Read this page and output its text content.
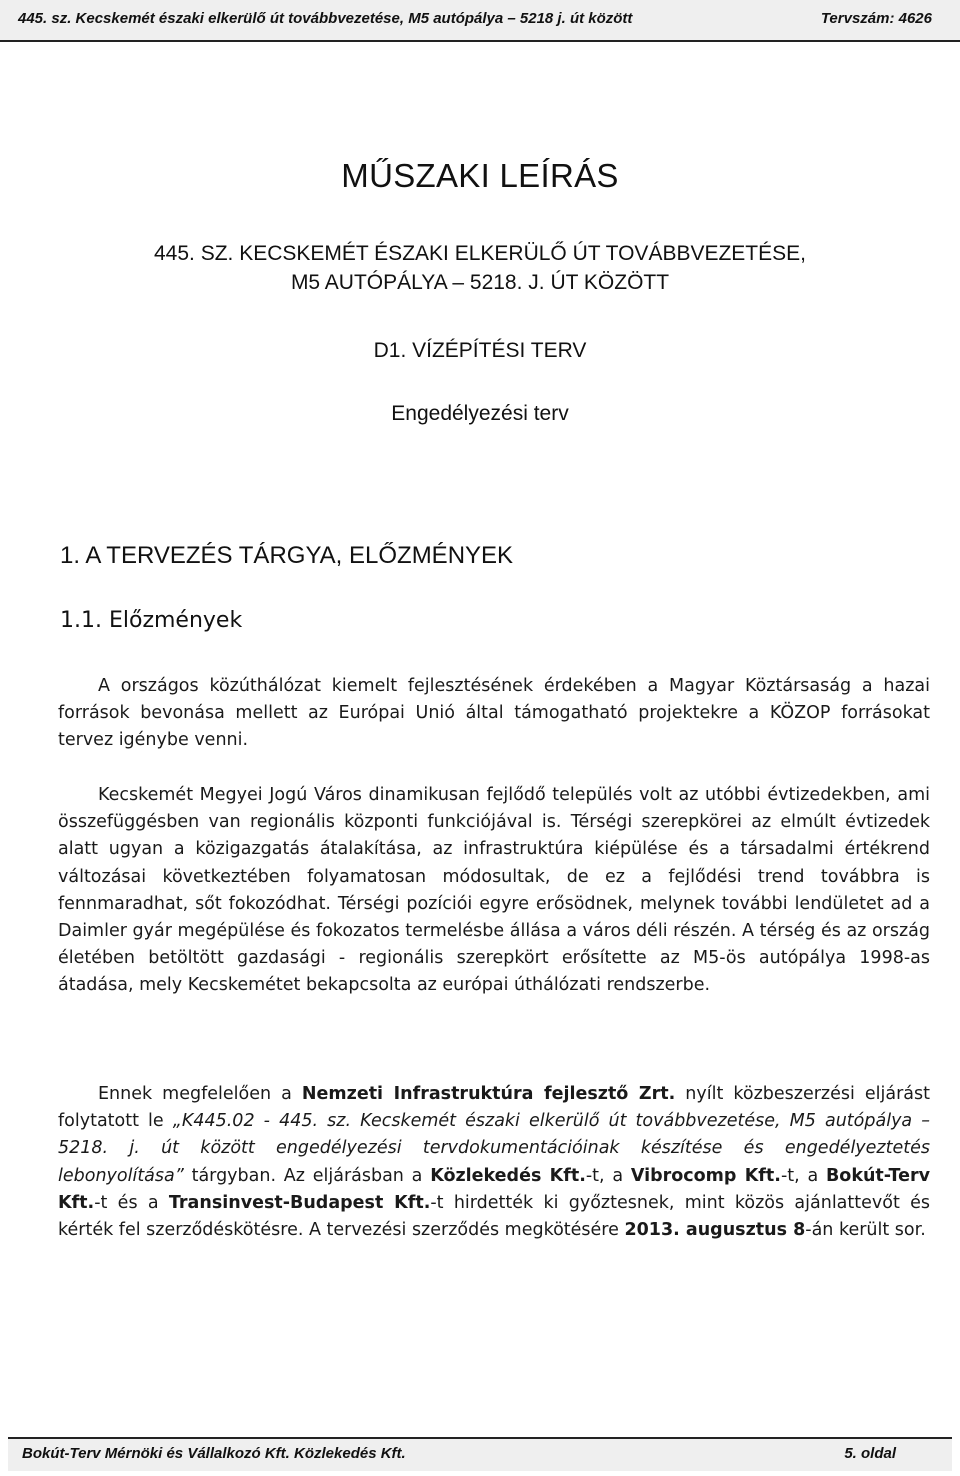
445. sz. Kecskemét északi elkerülő út továbbvezetése, M5 autópálya – 5218 j. út között	Tervszám: 4626
MŰSZAKI LEÍRÁS

445. SZ. KECSKEMÉT ÉSZAKI ELKERÜLŐ ÚT TOVÁBBVEZETÉSE,

M5 AUTÓPÁLYA – 5218. J. ÚT KÖZÖTT

D1. VÍZÉPÍTÉSI TERV

Engedélyezési terv

1. A TERVEZÉS TÁRGYA, ELŐZMÉNYEK
1.1. Előzmények

A országos közúthálózat kiemelt fejlesztésének érdekében a Magyar Köztársaság a hazai források bevonása mellett az Európai Unió által támogatható projektekre a KÖZOP forrásokat tervez igénybe venni.

Kecskemét Megyei Jogú Város dinamikusan fejlődő település volt az utóbbi évtizedekben, ami összefüggésben van regionális központi funkciójával is. Térségi szerepkörei az elmúlt évtizedek alatt ugyan a közigazgatás átalakítása, az infrastruktúra kiépülése és a társadalmi értékrend változásai következtében folyamatosan módosultak, de ez a fejlődési trend továbbra is fennmaradhat, sőt fokozódhat. Térségi pozíciói egyre erősödnek, melynek további lendületet ad a Daimler gyár megépülése és fokozatos termelésbe állása a város déli részén. A térség és az ország életében betöltött gazdasági - regionális szerepkört erősítette az M5-ös autópálya 1998-as átadása, mely Kecskemétet bekapcsolta az európai úthálózati rendszerbe.

Ennek megfelelően a Nemzeti Infrastruktúra fejlesztő Zrt. nyílt közbeszerzési eljárást folytatott le „K445.02 - 445. sz. Kecskemét északi elkerülő út továbbvezetése, M5 autópálya – 5218. j. út között engedélyezési tervdokumentációinak készítése és engedélyeztetés lebonyolítása” tárgyban. Az eljárásban a Közlekedés Kft.-t, a Vibrocomp Kft.-t, a Bokút-Terv Kft.-t és a Transinvest-Budapest Kft.-t hirdették ki győztesnek, mint közös ajánlattevőt és kérték fel szerződéskötésre. A tervezési szerződés megkötésére 2013. augusztus 8-án került sor.

Bokút-Terv Mérnöki és Vállalkozó Kft. Közlekedés Kft.	5. oldal
